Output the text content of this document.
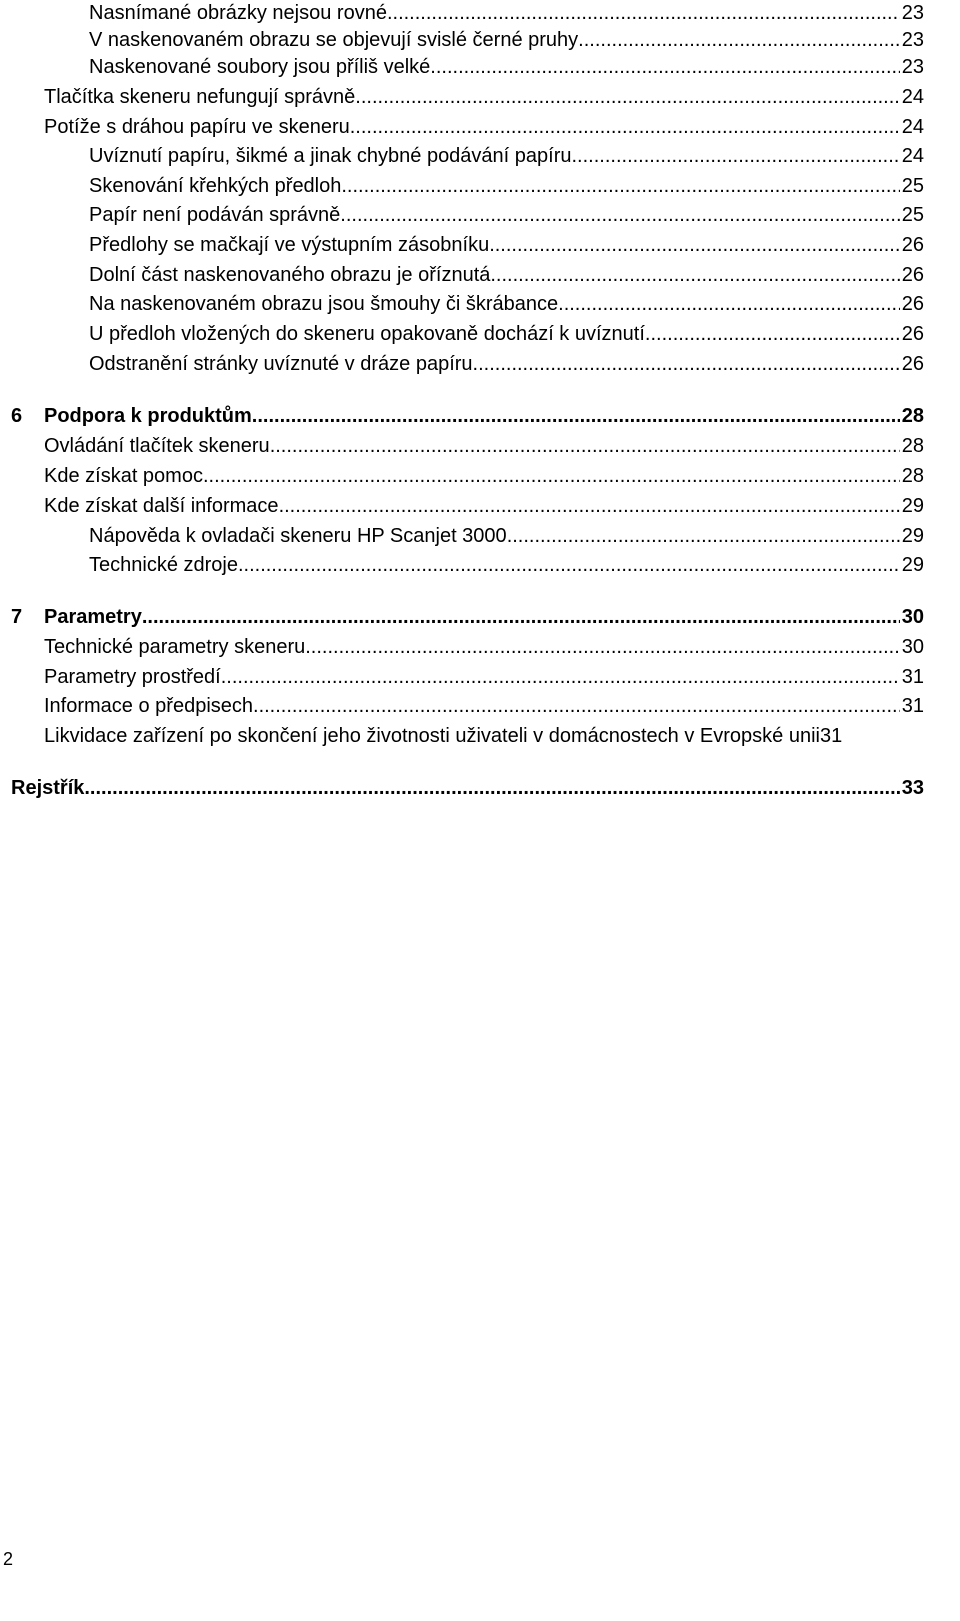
Nasnímané obrázky nejsou rovné .....	23
V naskenovaném obrazu se objevují svislé černé pruhy .....	23
Naskenované soubory jsou příliš velké .....	23
Tlačítka skeneru nefungují správně .....	24
Potíže s dráhou papíru ve skeneru .....	24
Uvíznutí papíru, šikmé a jinak chybné podávání papíru .....	24
Skenování křehkých předloh .....	25
Papír není podáván správně .....	25
Předlohy se mačkají ve výstupním zásobníku .....	26
Dolní část naskenovaného obrazu je oříznutá .....	26
Na naskenovaném obrazu jsou šmouhy či škrábance .....	26
U předloh vložených do skeneru opakovaně dochází k uvíznutí .....	26
Odstranění stránky uvíznuté v dráze papíru .....	26
6 Podpora k produktům .....	28
Ovládání tlačítek skeneru .....	28
Kde získat pomoc .....	28
Kde získat další informace .....	29
Nápověda k ovladači skeneru HP Scanjet 3000 .....	29
Technické zdroje .....	29
7 Parametry .....	30
Technické parametry skeneru .....	30
Parametry prostředí .....	31
Informace o předpisech .....	31
Likvidace zařízení po skončení jeho životnosti uživateli v domácnostech v Evropské unii 31
Rejstřík .....	33
2
